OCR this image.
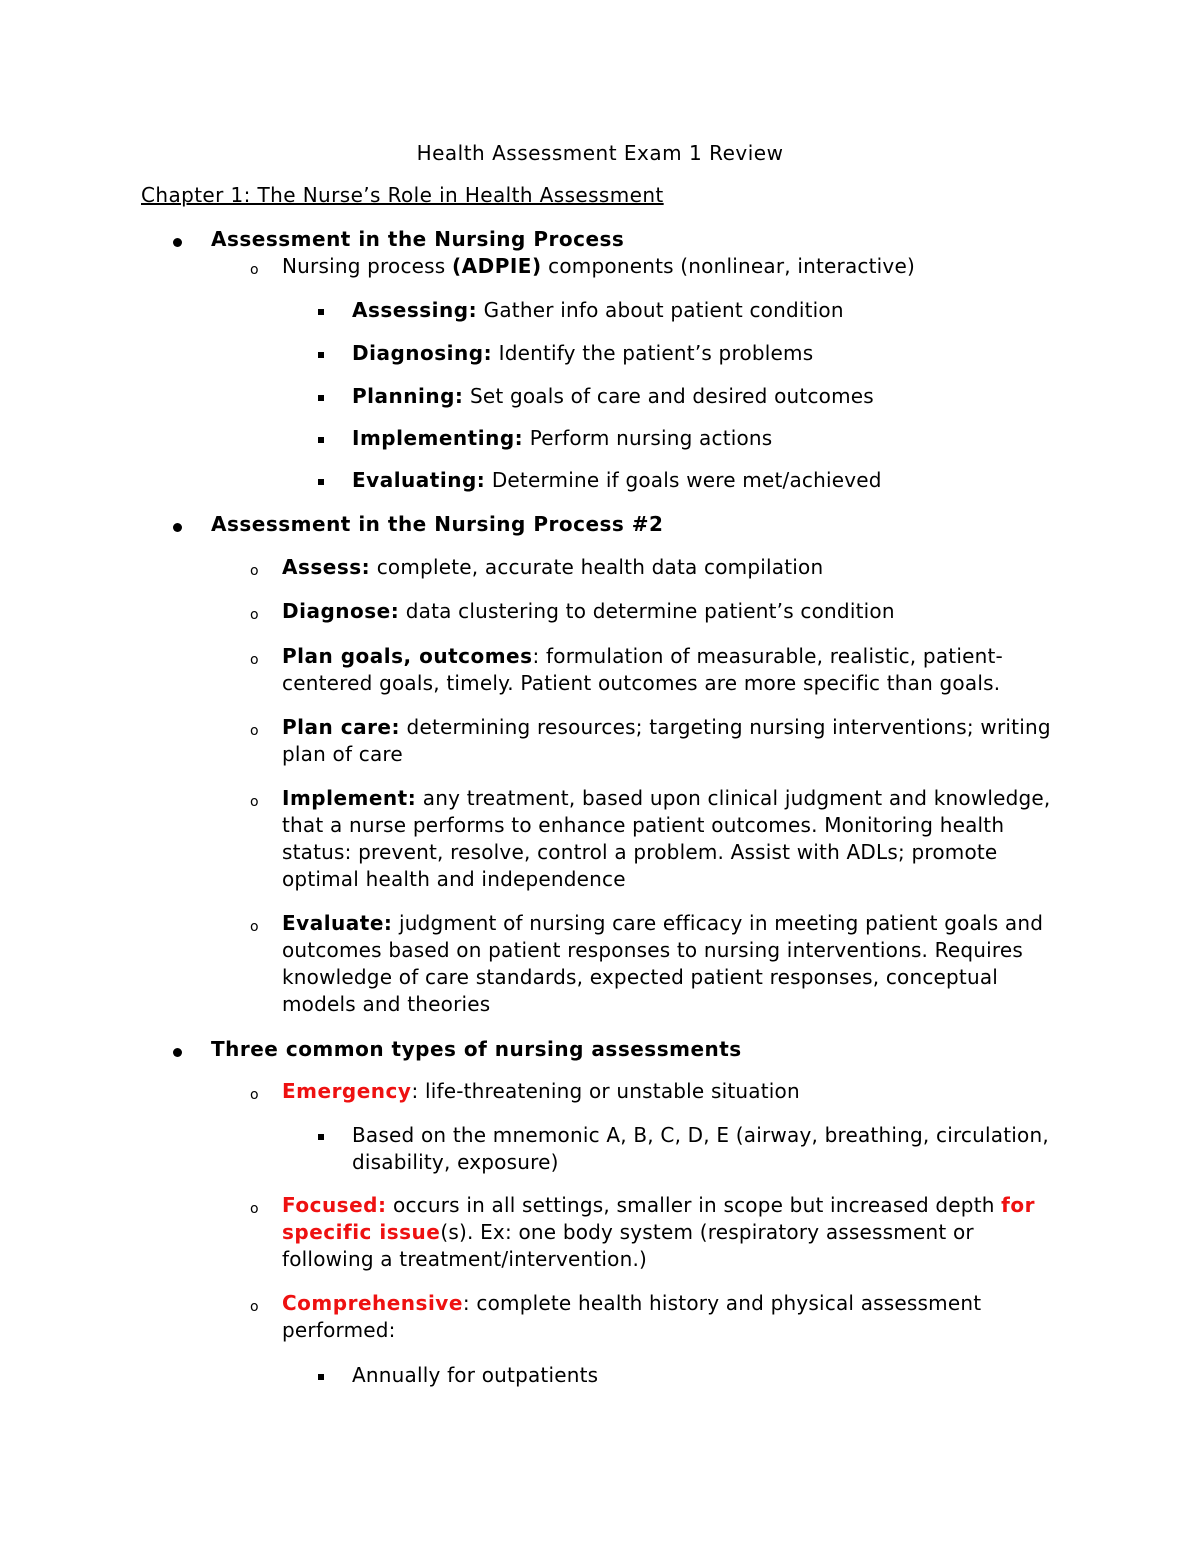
Health Assessment Exam 1 Review
Chapter 1: The Nurse’s Role in Health Assessment
Assessment in the Nursing Process
o Nursing process (ADPIE) components (nonlinear, interactive)
Assessing: Gather info about patient condition
Diagnosing: Identify the patient’s problems
Planning: Set goals of care and desired outcomes
Implementing: Perform nursing actions
Evaluating: Determine if goals were met/achieved
Assessment in the Nursing Process #2
o Assess: complete, accurate health data compilation
o Diagnose: data clustering to determine patient’s condition
o Plan goals, outcomes: formulation of measurable, realistic, patient-centered goals, timely. Patient outcomes are more specific than goals.
o Plan care: determining resources; targeting nursing interventions; writing plan of care
o Implement: any treatment, based upon clinical judgment and knowledge, that a nurse performs to enhance patient outcomes. Monitoring health status: prevent, resolve, control a problem. Assist with ADLs; promote optimal health and independence
o Evaluate: judgment of nursing care efficacy in meeting patient goals and outcomes based on patient responses to nursing interventions. Requires knowledge of care standards, expected patient responses, conceptual models and theories
Three common types of nursing assessments
o Emergency: life-threatening or unstable situation
Based on the mnemonic A, B, C, D, E (airway, breathing, circulation, disability, exposure)
o Focused: occurs in all settings, smaller in scope but increased depth for specific issue(s). Ex: one body system (respiratory assessment or following a treatment/intervention.)
o Comprehensive: complete health history and physical assessment performed:
Annually for outpatients
